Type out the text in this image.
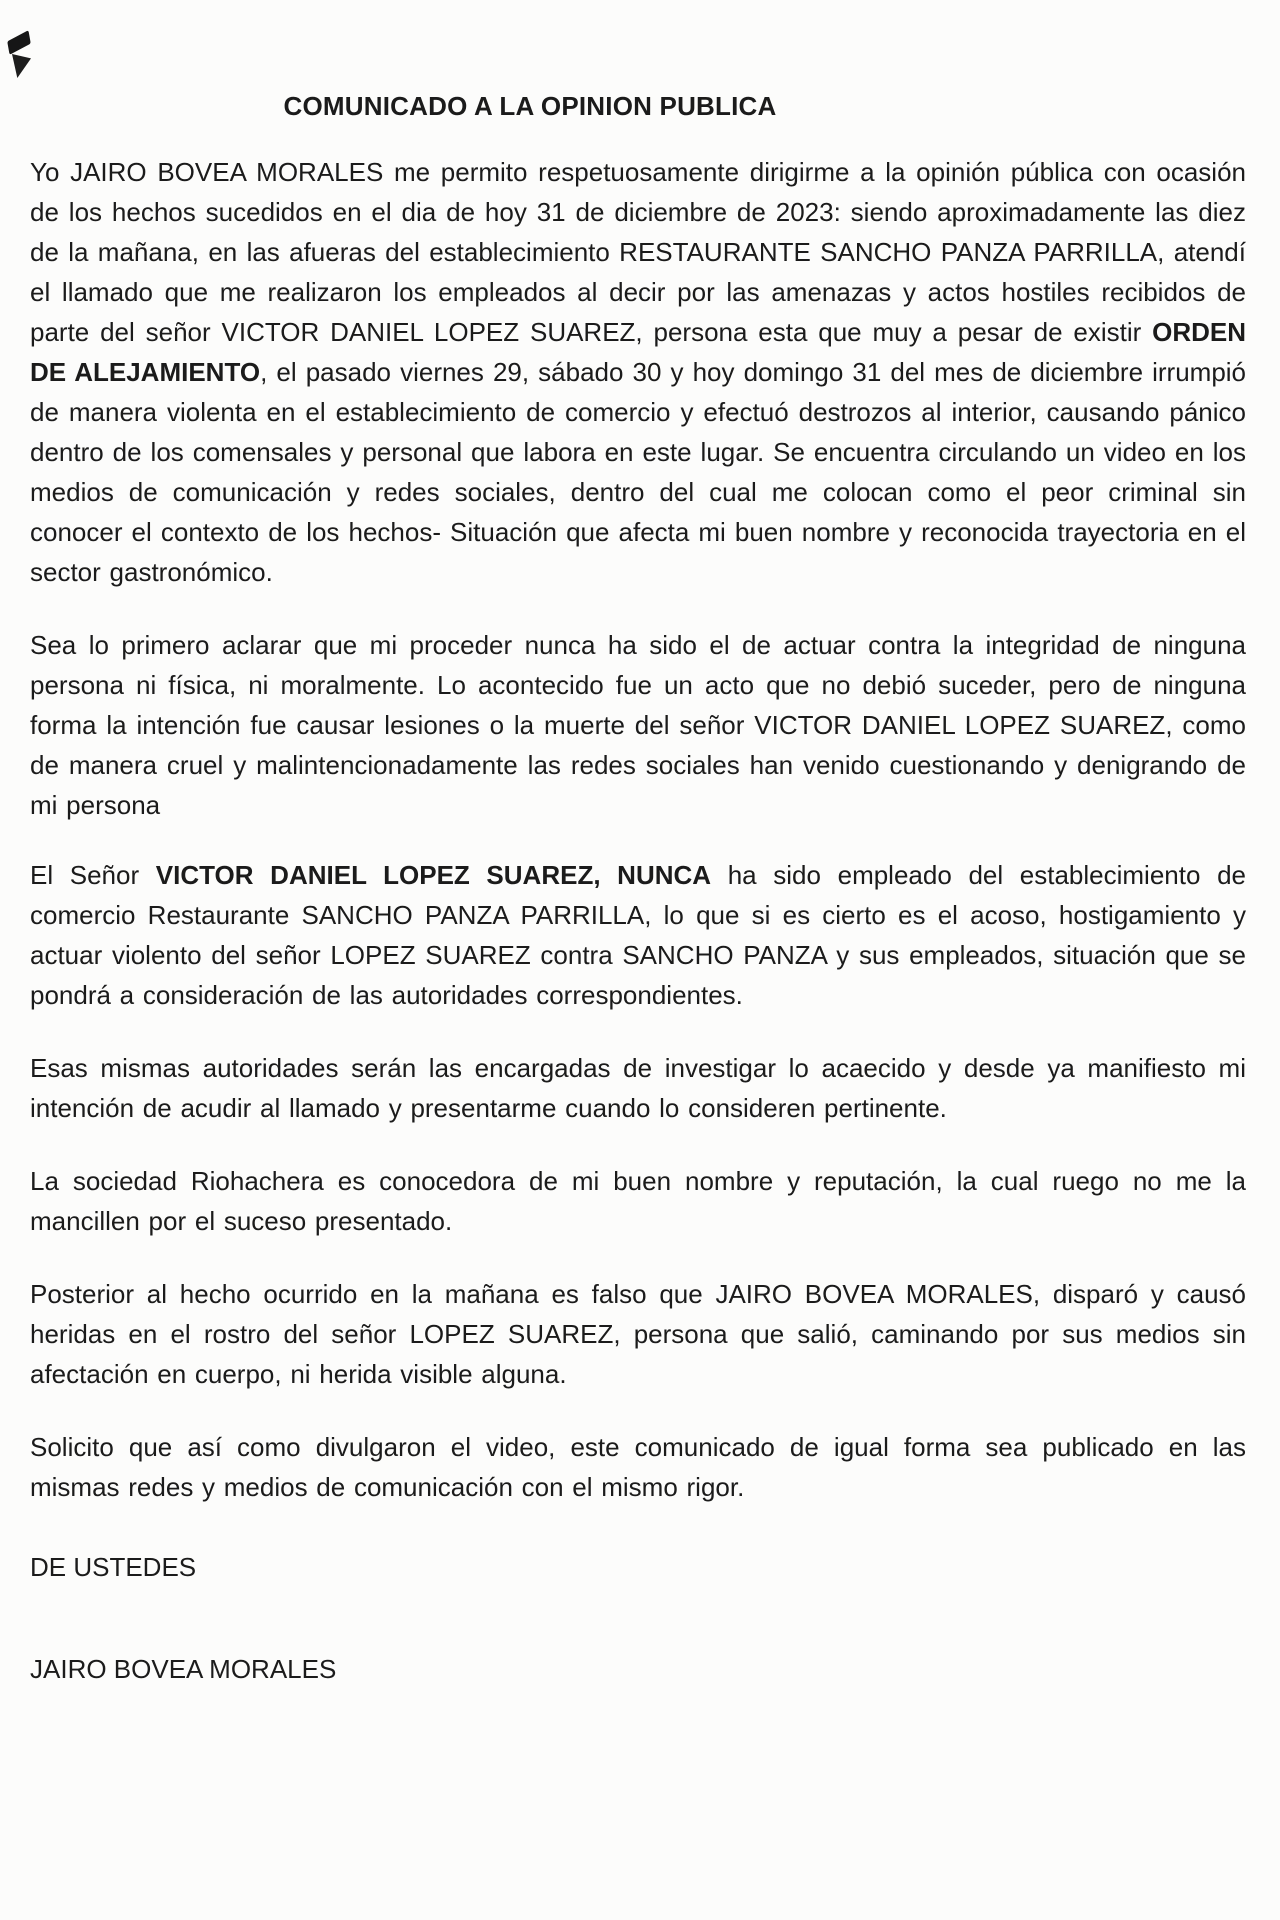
COMUNICADO A LA OPINION PUBLICA

Yo JAIRO BOVEA MORALES me permito respetuosamente dirigirme a la opinión pública con ocasión de los hechos sucedidos en el dia de hoy 31 de diciembre de 2023: siendo aproximadamente las diez de la mañana, en las afueras del establecimiento RESTAURANTE SANCHO PANZA PARRILLA, atendí el llamado que me realizaron los empleados al decir por las amenazas y actos hostiles recibidos de parte del señor VICTOR DANIEL LOPEZ SUAREZ, persona esta que muy a pesar de existir ORDEN DE ALEJAMIENTO, el pasado viernes 29, sábado 30 y hoy domingo 31 del mes de diciembre irrumpió de manera violenta en el establecimiento de comercio y efectuó destrozos al interior, causando pánico dentro de los comensales y personal que labora en este lugar. Se encuentra circulando un video en los medios de comunicación y redes sociales, dentro del cual me colocan como el peor criminal sin conocer el contexto de los hechos- Situación que afecta mi buen nombre y reconocida trayectoria en el sector gastronómico.

Sea lo primero aclarar que mi proceder nunca ha sido el de actuar contra la integridad de ninguna persona ni física, ni moralmente. Lo acontecido fue un acto que no debió suceder, pero de ninguna forma la intención fue causar lesiones o la muerte del señor VICTOR DANIEL LOPEZ SUAREZ, como de manera cruel y malintencionadamente las redes sociales han venido cuestionando y denigrando de mi persona

El Señor VICTOR DANIEL LOPEZ SUAREZ, NUNCA ha sido empleado del establecimiento de comercio Restaurante SANCHO PANZA PARRILLA, lo que si es cierto es el acoso, hostigamiento y actuar violento del señor LOPEZ SUAREZ contra SANCHO PANZA y sus empleados, situación que se pondrá a consideración de las autoridades correspondientes.

Esas mismas autoridades serán las encargadas de investigar lo acaecido y desde ya manifiesto mi intención de acudir al llamado y presentarme cuando lo consideren pertinente.

La sociedad Riohachera es conocedora de mi buen nombre y reputación, la cual ruego no me la mancillen por el suceso presentado.

Posterior al hecho ocurrido en la mañana es falso que JAIRO BOVEA MORALES, disparó y causó heridas en el rostro del señor LOPEZ SUAREZ, persona que salió, caminando por sus medios sin afectación en cuerpo, ni herida visible alguna.

Solicito que así como divulgaron el video, este comunicado de igual forma sea publicado en las mismas redes y medios de comunicación con el mismo rigor.

DE USTEDES

JAIRO BOVEA MORALES
